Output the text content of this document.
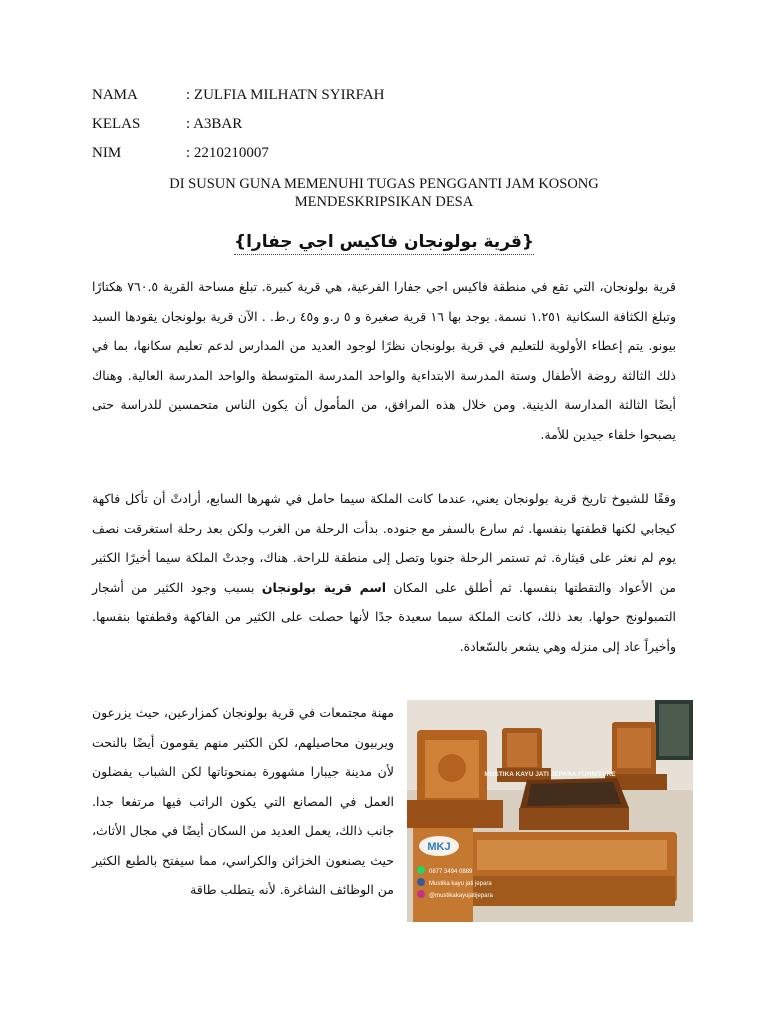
NAMA	: ZULFIA MILHATN SYIRFAH
KELAS	: A3BAR
NIM	: 2210210007
DI SUSUN GUNA MEMENUHI TUGAS PENGGANTI JAM KOSONG
MENDESKRIPSIKAN DESA
{قرية بولونجان فاكيس اجي جفارا}

قرية بولونجان، التي تقع في منطقة فاكيس اجي جفارا الفرعية، هي قرية كبيرة. تبلغ مساحة القرية ٧٦٠.٥ هكتارًا وتبلغ الكثافة السكانية ١.٢٥١ نسمة. يوجد بها ١٦ قرية صغيرة و ٥ ر.و و٤٥ ر.ط. . الآن قرية بولونجان يقودها السيد بيونو. يتم إعطاء الأولوية للتعليم في قرية بولونجان نظرًا لوجود العديد من المدارس لدعم تعليم سكانها، بما في ذلك الثالثة روضة الأطفال وستة المدرسة الابتداءية والواحد المدرسة المتوسطة والواحد المدرسة العالية. وهناك أيضًا الثالثة المدارسة الدينية. ومن خلال هذه المرافق، من المأمول أن يكون الناس متحمسين للدراسة حتى يصبحوا خلفاء جيدين للأمة.

وفقًا للشيوخ تاريخ قرية بولونجان يعني، عندما كانت الملكة سيما حامل في شهرها السابع، أرادتْ أن تأكل فاكهة كيجابي لكنها قطفتها بنفسها. ثم سارع بالسفر مع جنوده. بدأت الرحلة من الغرب ولكن بعد رحلة استغرقت نصف يوم لم نعثر على قيثارة. ثم تستمر الرحلة جنوبا وتصل إلى منطقة للراحة. هناك، وجدتْ الملكة سيما أخيرًا الكثير من الأعواد والتقطتها بنفسها. ثم أطلق على المكان اسم قرية بولونجان بسبب وجود الكثير من أشجار التمبولونج حولها. بعد ذلك، كانت الملكة سيما سعيدة جدًا لأنها حصلت على الكثير من الفاكهة وقطفتها بنفسها. وأخيراً عاد إلى منزله وهي يشعر بالسّعادة.

مهنة مجتمعات في قرية بولونجان كمزارعين، حيث يزرعون ويربيون محاصيلهم، لكن الكثير منهم يقومون أيضًا بالنحت لأن مدينة جيبارا مشهورة بمنحوتاتها لكن الشباب يفضلون العمل في المصانع التي يكون الراتب فيها مرتفعا جدا. جانب ذالك، يعمل العديد من السكان أيضًا في مجال الأثاث، حيث يصنعون الخزائن والكراسي، مما سيفتح بالطبع الكثير من الوظائف الشاغرة. لأنه يتطلب طاقة

MUSTIKA KAYU JATI JEPARA FURNITURE
MKJ
0877 3494 0889
Mustika kayu jati jepara
@mustikakayujatijepara
